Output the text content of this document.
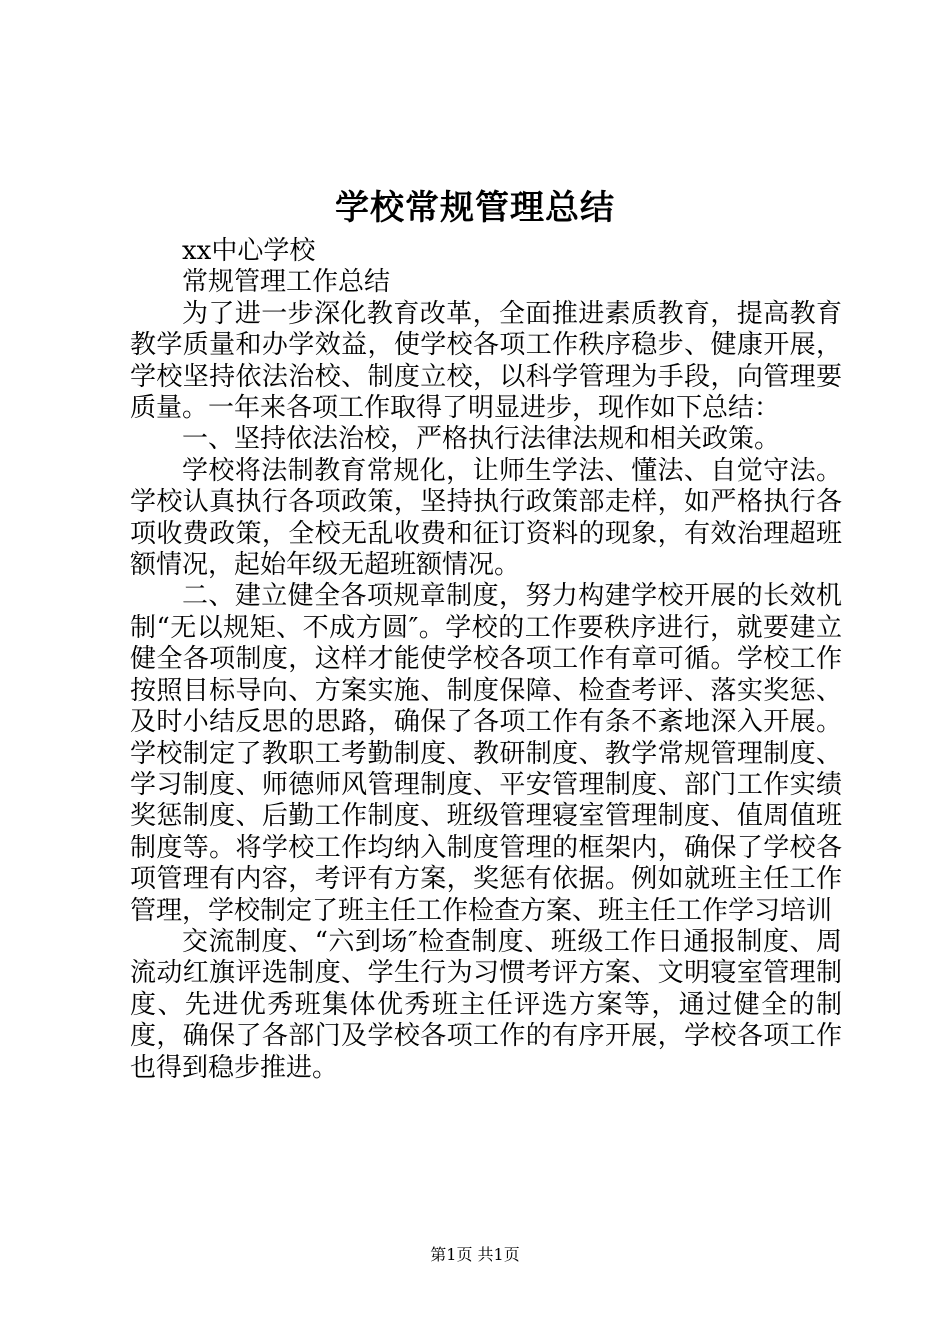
学校常规管理总结

xx中心学校

常规管理工作总结

为了进一步深化教育改革，全面推进素质教育，提高教育教学质量和办学效益，使学校各项工作秩序稳步、健康开展，学校坚持依法治校、制度立校，以科学管理为手段，向管理要质量。一年来各项工作取得了明显进步，现作如下总结：

一、坚持依法治校，严格执行法律法规和相关政策。

学校将法制教育常规化，让师生学法、懂法、自觉守法。学校认真执行各项政策，坚持执行政策部走样，如严格执行各项收费政策，全校无乱收费和征订资料的现象，有效治理超班额情况，起始年级无超班额情况。

二、建立健全各项规章制度，努力构建学校开展的长效机制“无以规矩、不成方圆″。学校的工作要秩序进行，就要建立健全各项制度，这样才能使学校各项工作有章可循。学校工作按照目标导向、方案实施、制度保障、检查考评、落实奖惩、及时小结反思的思路，确保了各项工作有条不紊地深入开展。学校制定了教职工考勤制度、教研制度、教学常规管理制度、学习制度、师德师风管理制度、平安管理制度、部门工作实绩奖惩制度、后勤工作制度、班级管理寝室管理制度、值周值班制度等。将学校工作均纳入制度管理的框架内，确保了学校各项管理有内容，考评有方案，奖惩有依据。例如就班主任工作管理，学校制定了班主任工作检查方案、班主任工作学习培训

交流制度、“六到场″检查制度、班级工作日通报制度、周流动红旗评选制度、学生行为习惯考评方案、文明寝室管理制度、先进优秀班集体优秀班主任评选方案等，通过健全的制度，确保了各部门及学校各项工作的有序开展，学校各项工作也得到稳步推进。

第1页 共1页
